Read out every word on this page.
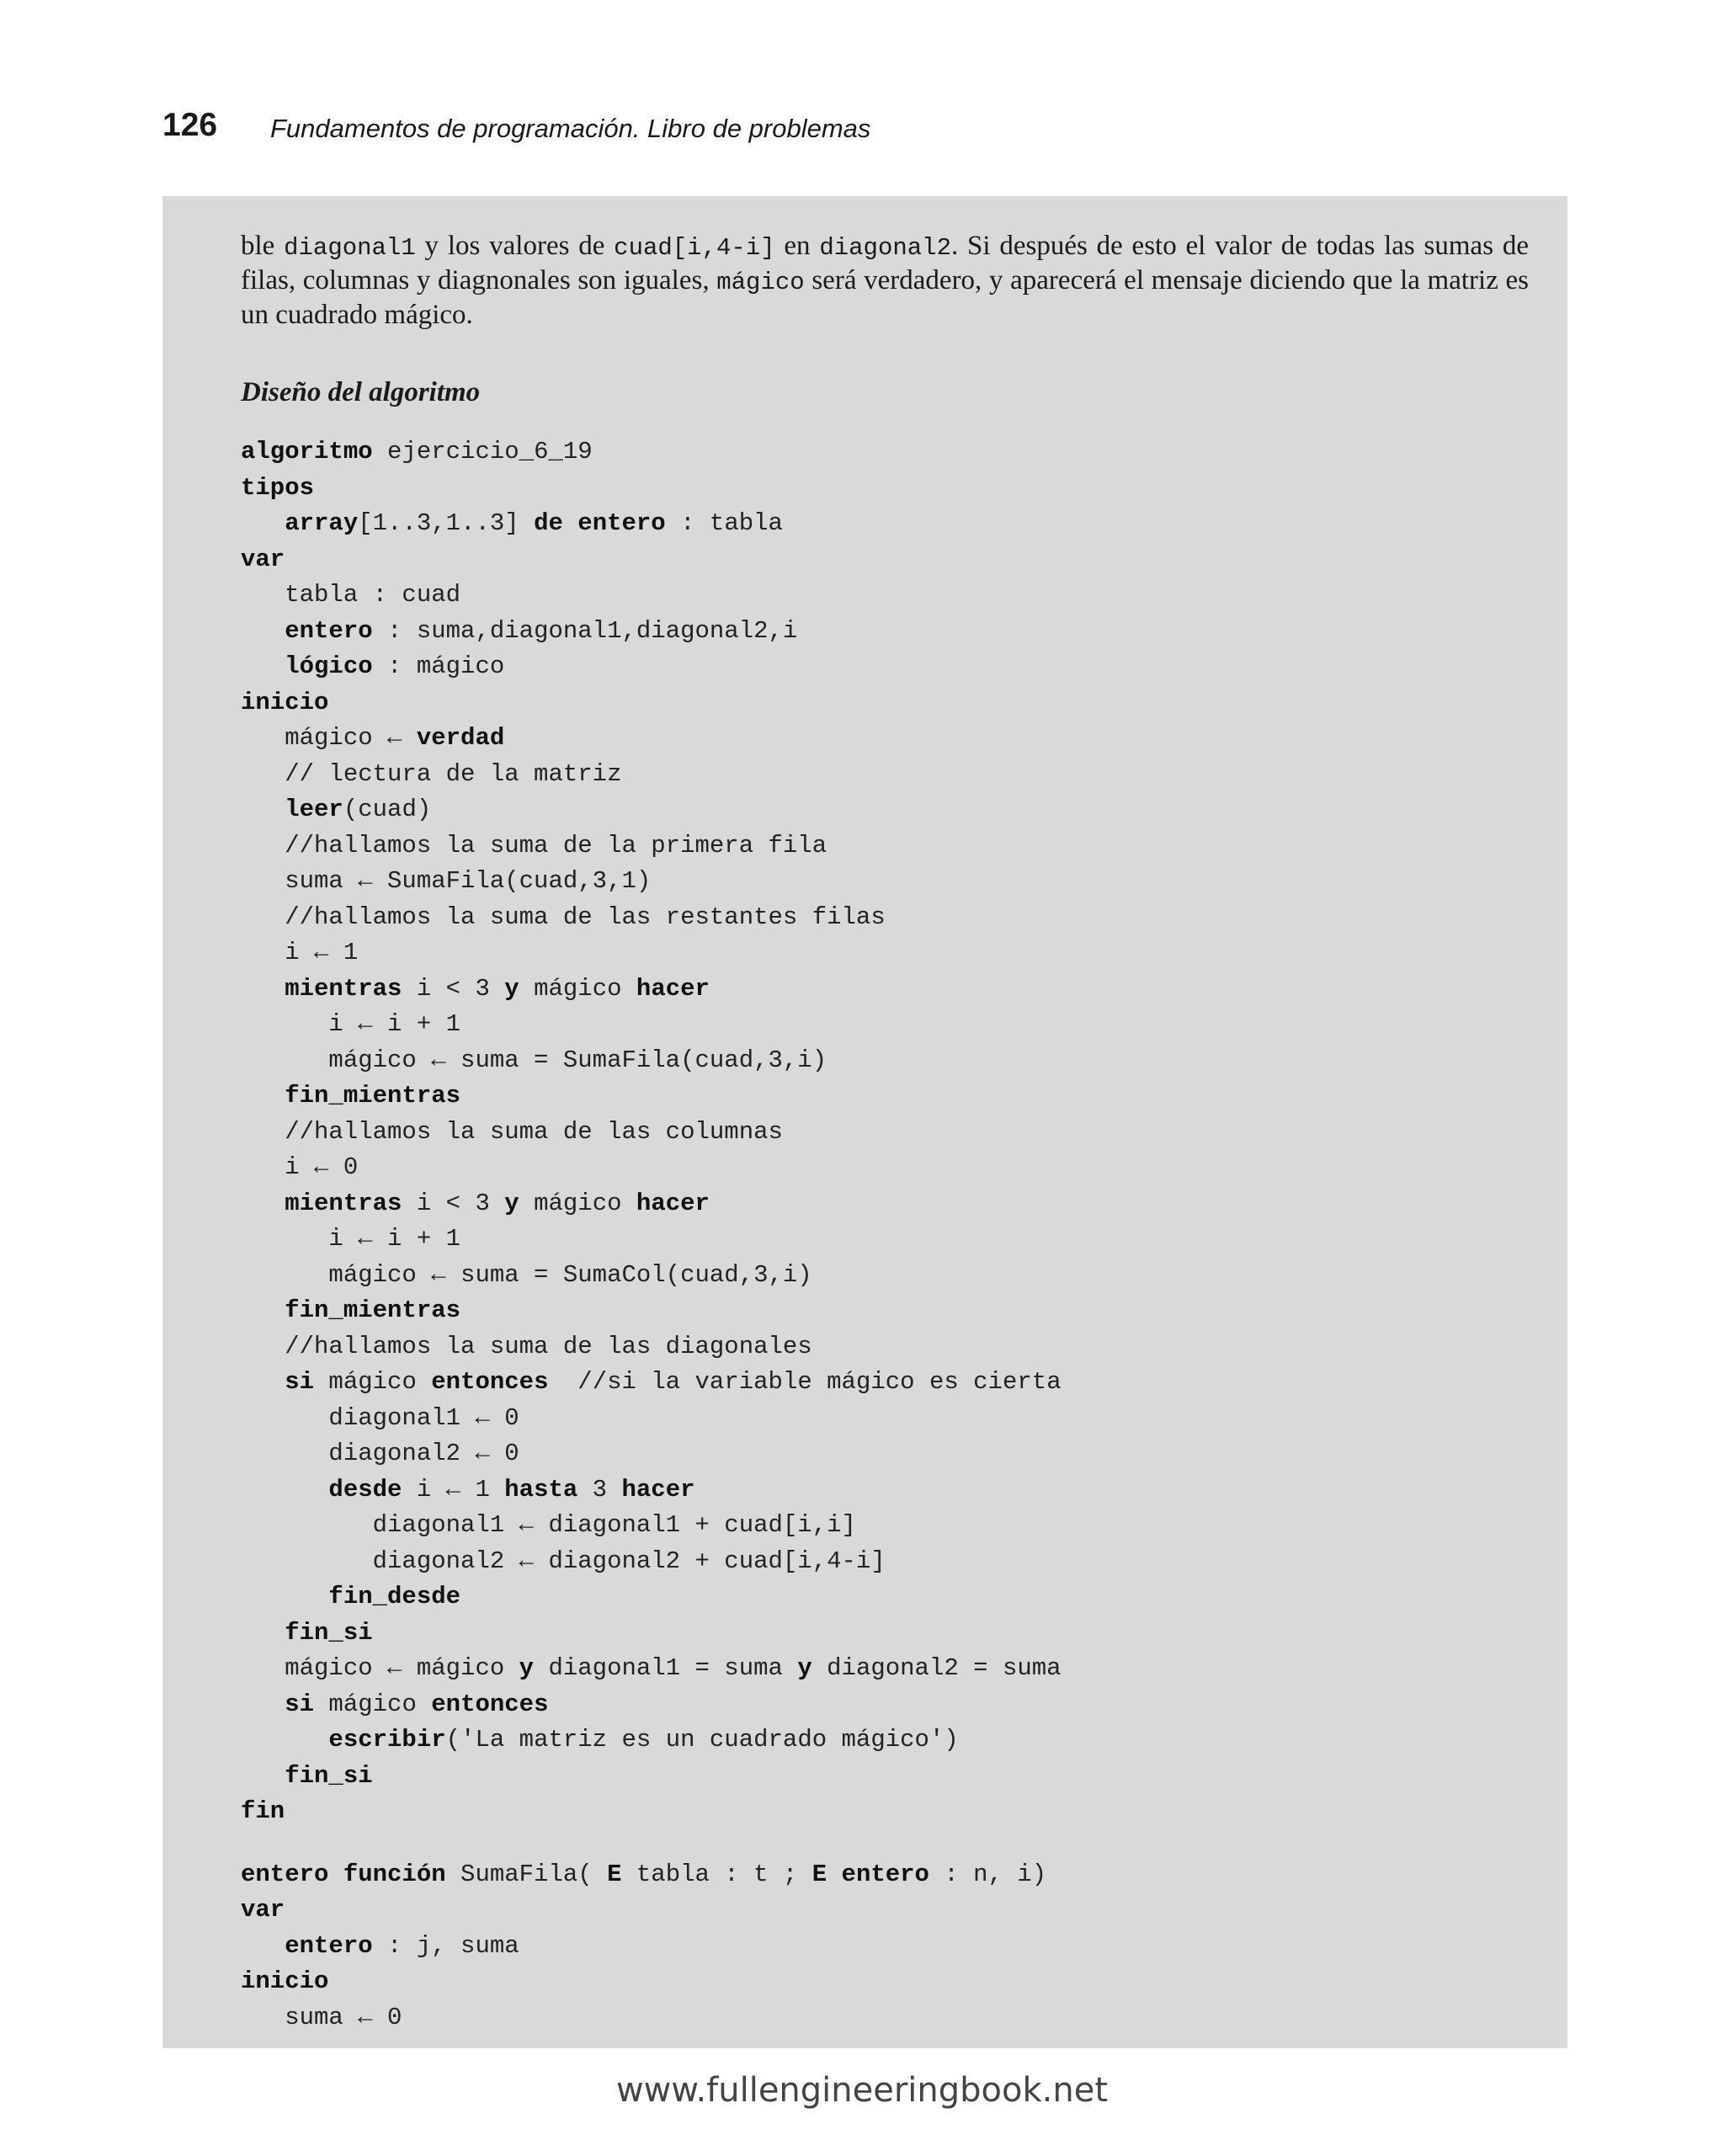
126 Fundamentos de programación. Libro de problemas

ble diagonal1 y los valores de cuad[i,4-i] en diagonal2. Si después de esto el valor de todas las sumas de filas, columnas y diagnonales son iguales, mágico será verdadero, y aparecerá el mensaje diciendo que la matriz es un cuadrado mágico.

Diseño del algoritmo
algoritmo ejercicio_6_19
tipos
array[1..3,1..3] de entero : tabla
var
tabla : cuad
entero : suma,diagonal1,diagonal2,i
lógico : mágico
inicio
mágico ← verdad
// lectura de la matriz
leer(cuad)
//hallamos la suma de la primera fila
suma ← SumaFila(cuad,3,1)
//hallamos la suma de las restantes filas
i ← 1
mientras i < 3 y mágico hacer
i ← i + 1
mágico ← suma = SumaFila(cuad,3,i)
fin_mientras
//hallamos la suma de las columnas
i ← 0
mientras i < 3 y mágico hacer
i ← i + 1
mágico ← suma = SumaCol(cuad,3,i)
fin_mientras
//hallamos la suma de las diagonales
si mágico entonces  //si la variable mágico es cierta
diagonal1 ← 0
diagonal2 ← 0
desde i ← 1 hasta 3 hacer
diagonal1 ← diagonal1 + cuad[i,i]
diagonal2 ← diagonal2 + cuad[i,4-i]
fin_desde
fin_si
mágico ← mágico y diagonal1 = suma y diagonal2 = suma
si mágico entonces
escribir('La matriz es un cuadrado mágico')
fin_si
fin
entero función SumaFila( E tabla : t ; E entero : n, i)
var
entero : j, suma
inicio
suma ← 0
www.fullengineeringbook.net
